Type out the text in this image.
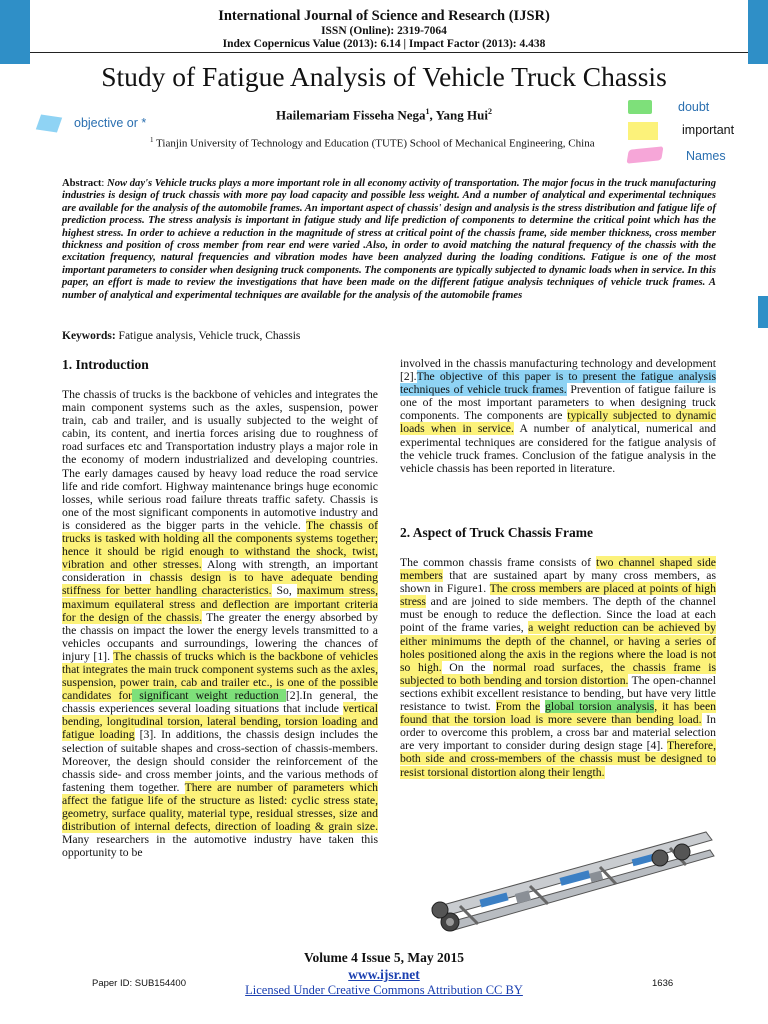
International Journal of Science and Research (IJSR)
ISSN (Online): 2319-7064
Index Copernicus Value (2013): 6.14 | Impact Factor (2013): 4.438
Study of Fatigue Analysis of Vehicle Truck Chassis
Hailemariam Fisseha Nega$^1$, Yang Hui$^2$
$^1$ Tianjin University of Technology and Education (TUTE) School of Mechanical Engineering, China
objective or *
doubt
important
Names
Abstract: Now day's Vehicle trucks plays a more important role in all economy activity of transportation. The major focus in the truck manufacturing industries is design of truck chassis with more pay load capacity and possible less weight. And a number of analytical and experimental techniques are available for the analysis of the automobile frames. An important aspect of chassis' design and analysis is the stress distribution and fatigue life of prediction process. The stress analysis is important in fatigue study and life prediction of components to determine the critical point which has the highest stress. In order to achieve a reduction in the magnitude of stress at critical point of the chassis frame, side member thickness, cross member thickness and position of cross member from rear end were varied .Also, in order to avoid matching the natural frequency of the chassis with the excitation frequency, natural frequencies and vibration modes have been analyzed during the loading conditions. Fatigue is one of the most important parameters to consider when designing truck components. The components are typically subjected to dynamic loads when in service. In this paper, an effort is made to review the investigations that have been made on the different fatigue analysis techniques of vehicle truck frames. A number of analytical and experimental techniques are available for the analysis of the automobile frames
Keywords: Fatigue analysis, Vehicle truck, Chassis
1. Introduction

The chassis of trucks is the backbone of vehicles and integrates the main component systems such as the axles, suspension, power train, cab and trailer, and is usually subjected to the weight of cabin, its content, and inertia forces arising due to roughness of road surfaces etc and Transportation industry plays a major role in the economy of modern industrialized and developing countries. The early damages caused by heavy load reduce the road service life and ride comfort. Highway maintenance brings huge economic losses, while serious road failure threats traffic safety. Chassis is one of the most significant components in automotive industry and is considered as the bigger parts in the vehicle. The chassis of trucks is tasked with holding all the components systems together; hence it should be rigid enough to withstand the shock, twist, vibration and other stresses. Along with strength, an important consideration in chassis design is to have adequate bending stiffness for better handling characteristics. So, maximum stress, maximum equilateral stress and deflection are important criteria for the design of the chassis. The greater the energy absorbed by the chassis on impact the lower the energy levels transmitted to a vehicles occupants and surroundings, lowering the chances of injury [1]. The chassis of trucks which is the backbone of vehicles that integrates the main truck component systems such as the axles, suspension, power train, cab and trailer etc., is one of the possible candidates for significant weight reduction [2].In general, the chassis experiences several loading situations that include vertical bending, longitudinal torsion, lateral bending, torsion loading and fatigue loading [3]. In additions, the chassis design includes the selection of suitable shapes and cross-section of chassis-members. Moreover, the design should consider the reinforcement of the chassis side- and cross member joints, and the various methods of fastening them together. There are number of parameters which affect the fatigue life of the structure as listed: cyclic stress state, geometry, surface quality, material type, residual stresses, size and distribution of internal defects, direction of loading & grain size. Many researchers in the automotive industry have taken this opportunity to be

involved in the chassis manufacturing technology and development [2].The objective of this paper is to present the fatigue analysis techniques of vehicle truck frames. Prevention of fatigue failure is one of the most important parameters to when designing truck components. The components are typically subjected to dynamic loads when in service. A number of analytical, numerical and experimental techniques are considered for the fatigue analysis of the vehicle truck frames. Conclusion of the fatigue analysis in the vehicle chassis has been reported in literature.

2. Aspect of Truck Chassis Frame

The common chassis frame consists of two channel shaped side members that are sustained apart by many cross members, as shown in Figure1. The cross members are placed at points of high stress and are joined to side members. The depth of the channel must be enough to reduce the deflection. Since the load at each point of the frame varies, a weight reduction can be achieved by either minimums the depth of the channel, or having a series of holes positioned along the axis in the regions where the load is not so high. On the normal road surfaces, the chassis frame is subjected to both bending and torsion distortion. The open-channel sections exhibit excellent resistance to bending, but have very little resistance to twist. From the global torsion analysis, it has been found that the torsion load is more severe than bending load. In order to overcome this problem, a cross bar and material selection are very important to consider during design stage [4]. Therefore, both side and cross-members of the chassis must be designed to resist torsional distortion along their length.

Volume 4 Issue 5, May 2015
www.ijsr.net
Licensed Under Creative Commons Attribution CC BY
Paper ID: SUB154400	1636
